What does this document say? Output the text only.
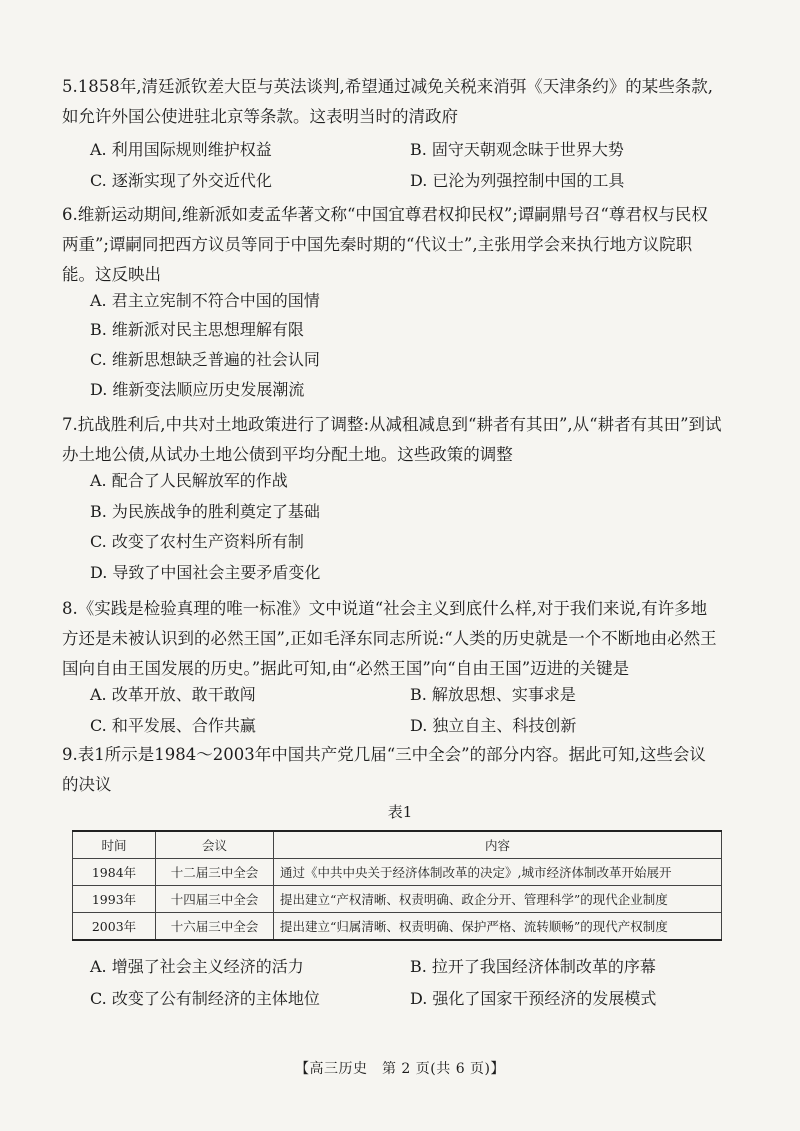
5.1858年,清廷派钦差大臣与英法谈判,希望通过减免关税来消弭《天津条约》的某些条款,如允许外国公使进驻北京等条款。这表明当时的清政府
A. 利用国际规则维护权益	B. 固守天朝观念昧于世界大势
C. 逐渐实现了外交近代化	D. 已沦为列强控制中国的工具
6.维新运动期间,维新派如麦孟华著文称“中国宜尊君权抑民权”;谭嗣鼎号召“尊君权与民权两重”;谭嗣同把西方议员等同于中国先秦时期的“代议士”,主张用学会来执行地方议院职能。这反映出
A. 君主立宪制不符合中国的国情
B. 维新派对民主思想理解有限
C. 维新思想缺乏普遍的社会认同
D. 维新变法顺应历史发展潮流
7.抗战胜利后,中共对土地政策进行了调整:从减租减息到“耕者有其田”,从“耕者有其田”到试办土地公债,从试办土地公债到平均分配土地。这些政策的调整
A. 配合了人民解放军的作战
B. 为民族战争的胜利奠定了基础
C. 改变了农村生产资料所有制
D. 导致了中国社会主要矛盾变化
8.《实践是检验真理的唯一标准》文中说道“社会主义到底什么样,对于我们来说,有许多地方还是未被认识到的必然王国”,正如毛泽东同志所说:“人类的历史就是一个不断地由必然王国向自由王国发展的历史。”据此可知,由“必然王国”向“自由王国”迈进的关键是
A. 改革开放、敢干敢闯	B. 解放思想、实事求是
C. 和平发展、合作共赢	D. 独立自主、科技创新
9.表1所示是1984～2003年中国共产党几届“三中全会”的部分内容。据此可知,这些会议的决议
表1
时间	会议	内容
1984年	十二届三中全会	通过《中共中央关于经济体制改革的决定》,城市经济体制改革开始展开
1993年	十四届三中全会	提出建立“产权清晰、权责明确、政企分开、管理科学”的现代企业制度
2003年	十六届三中全会	提出建立“归属清晰、权责明确、保护严格、流转顺畅”的现代产权制度
A. 增强了社会主义经济的活力	B. 拉开了我国经济体制改革的序幕
C. 改变了公有制经济的主体地位	D. 强化了国家干预经济的发展模式
【高三历史　第 2 页(共 6 页)】
